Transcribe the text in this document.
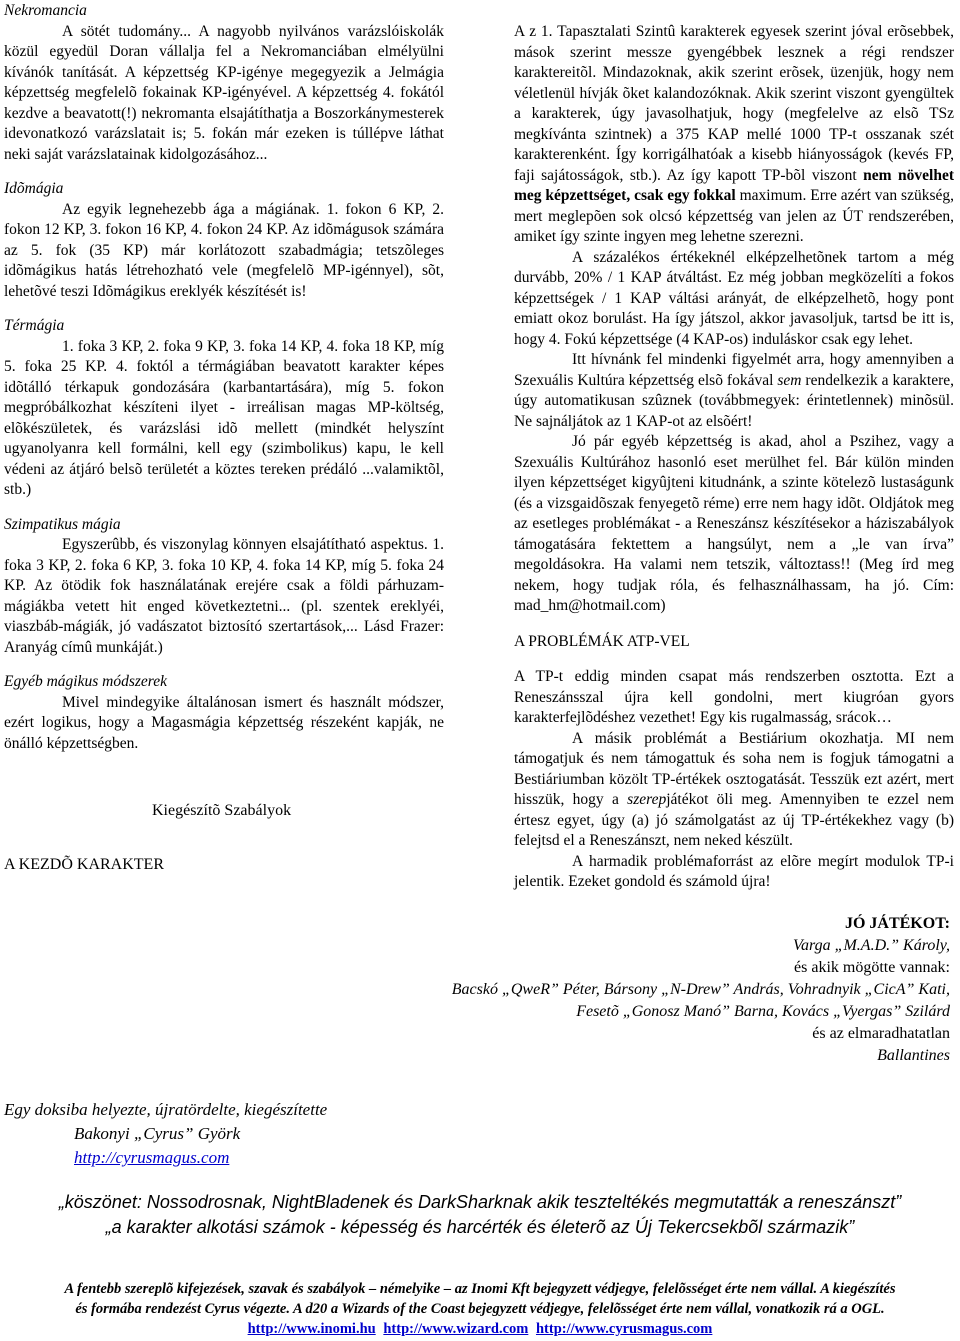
Nekromancia

A sötét tudomány... A nagyobb nyilvános varázslóiskolák közül egyedül Doran vállalja fel a Nekromanciában elmélyülni kívánók tanítását. A képzettség KP-igénye megegyezik a Jelmágia képzettség megfelelõ fokainak KP-igényével. A képzettség 4. fokától kezdve a beavatott(!) nekromanta elsajátíthatja a Boszorkánymesterek idevonatkozó varázslatait is; 5. fokán már ezeken is túllépve láthat neki saját varázslatainak kidolgozásához...

Idõmágia

Az egyik legnehezebb ága a mágiának. 1. fokon 6 KP, 2. fokon 12 KP, 3. fokon 16 KP, 4. fokon 24 KP. Az idõmágusok számára az 5. fok (35 KP) már korlátozott szabadmágia; tetszõleges idõmágikus hatás létrehozható vele (megfelelõ MP-igénnyel), sõt, lehetõvé teszi Idõmágikus ereklyék készítését is!

Térmágia

1. foka 3 KP, 2. foka 9 KP, 3. foka 14 KP, 4. foka 18 KP, míg 5. foka 25 KP. 4. foktól a térmágiában beavatott karakter képes idõtálló térkapuk gondozására (karbantartására), míg 5. fokon megpróbálkozhat készíteni ilyet - irreálisan magas MP-költség, elõkészületek, és varázslási idõ mellett (mindkét helyszínt ugyanolyanra kell formálni, kell egy (szimbolikus) kapu, le kell védeni az átjáró belsõ területét a köztes tereken prédáló ...valamiktõl, stb.)

Szimpatikus mágia

Egyszerûbb, és viszonylag könnyen elsajátítható aspektus. 1. foka 3 KP, 2. foka 6 KP, 3. foka 10 KP, 4. foka 14 KP, míg 5. foka 24 KP. Az ötödik fok használatának erejére csak a földi párhuzam-mágiákba vetett hit enged következtetni... (pl. szentek ereklyéi, viaszbáb-mágiák, jó vadászatot biztosító szertartások,... Lásd Frazer: Aranyág címû munkáját.)

Egyéb mágikus módszerek

Mivel mindegyike általánosan ismert és használt módszer, ezért logikus, hogy a Magasmágia képzettség részeként kapják, ne önálló képzettségben.

Kiegészítõ Szabályok
A KEZDÕ KARAKTER

A z 1. Tapasztalati Szintû karakterek egyesek szerint jóval erõsebbek, mások szerint messze gyengébbek lesznek a régi rendszer karaktereitõl. Mindazoknak, akik szerint erõsek, üzenjük, hogy nem véletlenül hívják õket kalandozóknak. Akik szerint viszont gyengültek a karakterek, úgy javasolhatjuk, hogy (megfelelve az elsõ TSz megkívánta szintnek) a 375 KAP mellé 1000 TP-t osszanak szét karakterenként. Így korrigálhatóak a kisebb hiányosságok (kevés FP, faji sajátosságok, stb.). Az így kapott TP-bõl viszont nem növelhet meg képzettséget, csak egy fokkal maximum. Erre azért van szükség, mert meglepõen sok olcsó képzettség van jelen az ÚT rendszerében, amiket így szinte ingyen meg lehetne szerezni.

A százalékos értékeknél elképzelhetõnek tartom a még durvább, 20% / 1 KAP átváltást. Ez még jobban megközelíti a fokos képzettségek / 1 KAP váltási arányát, de elképzelhetõ, hogy pont emiatt okoz borulást. Ha így játszol, akkor javasoljuk, tartsd be itt is, hogy 4. Fokú képzettsége (4 KAP-os) induláskor csak egy lehet.

Itt hívnánk fel mindenki figyelmét arra, hogy amennyiben a Szexuális Kultúra képzettség elsõ fokával sem rendelkezik a karaktere, úgy automatikusan szûznek (továbbmegyek: érintetlennek) minõsül. Ne sajnáljátok az 1 KAP-ot az elsõért!

Jó pár egyéb képzettség is akad, ahol a Pszihez, vagy a Szexuális Kultúrához hasonló eset merülhet fel. Bár külön minden ilyen képzettséget kigyûjteni kitudnánk, a szinte kötelezõ lustaságunk (és a vizsgaidõszak fenyegetõ réme) erre nem hagy idõt. Oldjátok meg az esetleges problémákat - a Reneszánsz készítésekor a háziszabályok támogatására fektettem a hangsúlyt, nem a „le van írva” megoldásokra. Ha valami nem tetszik, változtass!! (Meg írd meg nekem, hogy tudjak róla, és felhasználhassam, ha jó. Cím: mad_hm@hotmail.com)

A PROBLÉMÁK ATP-VEL

A TP-t eddig minden csapat más rendszerben osztotta. Ezt a Reneszánsszal újra kell gondolni, mert kiugróan gyors karakterfejlõdéshez vezethet! Egy kis rugalmasság, srácok…

A másik problémát a Bestiárium okozhatja. MI nem támogatjuk és nem támogattuk és soha nem is fogjuk támogatni a Bestiáriumban közölt TP-értékek osztogatását. Tesszük ezt azért, mert hisszük, hogy a szerepjátékot öli meg. Amennyiben te ezzel nem értesz egyet, úgy (a) jó számolgatást az új TP-értékekhez vagy (b) felejtsd el a Reneszánszt, nem neked készült.

A harmadik problémaforrást az elõre megírt modulok TP-i jelentik. Ezeket gondold és számold újra!

JÓ JÁTÉKOT:
Varga „M.A.D.” Károly,
és akik mögötte vannak:
Bacskó „QweR” Péter, Bársony „N-Drew” András, Vohradnyik „CicA” Kati,
Fesetõ „Gonosz Manó” Barna, Kovács „Vyergas” Szilárd
és az elmaradhatatlan
Ballantines
Egy doksiba helyezte, újratördelte, kiegészítette
Bakonyi „Cyrus” Györk
http://cyrusmagus.com
„köszönet: Nossodrosnak, NightBladenek és DarkSharknak akik teszteltékés megmutatták a reneszánszt”
„a karakter alkotási számok - képesség és harcérték és életerõ az Új Tekercsekbõl származik”
A fentebb szereplõ kifejezések, szavak és szabályok – némelyike – az Inomi Kft bejegyzett védjegye, felelõsséget érte nem vállal. A kiegészítés
és formába rendezést Cyrus végezte. A d20 a Wizards of the Coast bejegyzett védjegye, felelõsséget érte nem vállal, vonatkozik rá a OGL.
http://www.inomi.hu http://www.wizard.com http://www.cyrusmagus.com
